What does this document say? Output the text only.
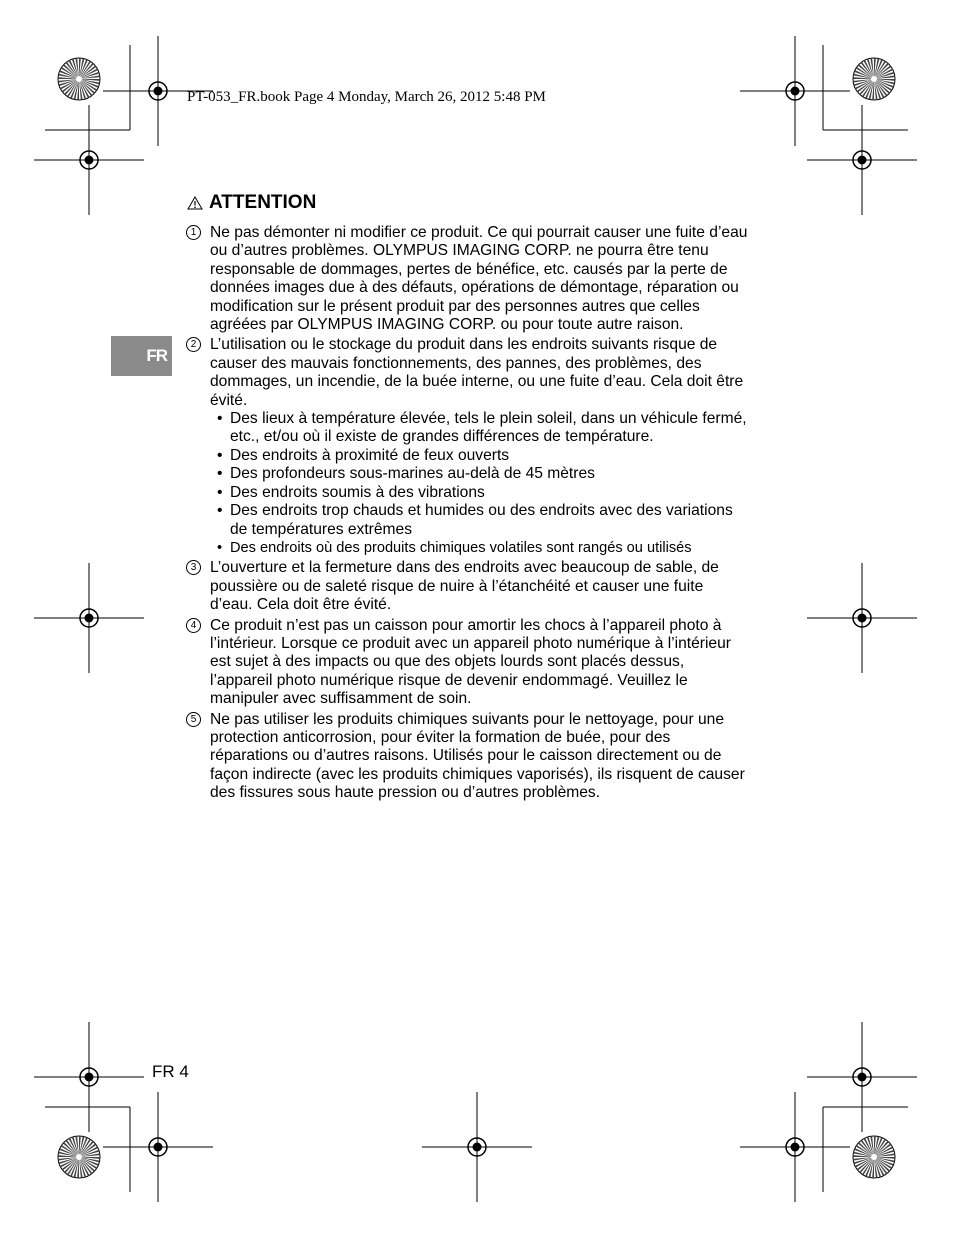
PT-053_FR.book Page 4 Monday, March 26, 2012 5:48 PM
FR
ATTENTION
1 Ne pas démonter ni modifier ce produit. Ce qui pourrait causer une fuite d’eau ou d’autres problèmes. OLYMPUS IMAGING CORP. ne pourra être tenu responsable de dommages, pertes de bénéfice, etc. causés par la perte de données images due à des défauts, opérations de démontage, réparation ou modification sur le présent produit par des personnes autres que celles agréées par OLYMPUS IMAGING CORP. ou pour toute autre raison.
2 L’utilisation ou le stockage du produit dans les endroits suivants risque de causer des mauvais fonctionnements, des pannes, des problèmes, des dommages, un incendie, de la buée interne, ou une fuite d’eau. Cela doit être évité.
• Des lieux à température élevée, tels le plein soleil, dans un véhicule fermé, etc., et/ou où il existe de grandes différences de température.
• Des endroits à proximité de feux ouverts
• Des profondeurs sous-marines au-delà de 45 mètres
• Des endroits soumis à des vibrations
• Des endroits trop chauds et humides ou des endroits avec des variations de températures extrêmes
• Des endroits où des produits chimiques volatiles sont rangés ou utilisés
3 L’ouverture et la fermeture dans des endroits avec beaucoup de sable, de poussière ou de saleté risque de nuire à l’étanchéité et causer une fuite d’eau. Cela doit être évité.
4 Ce produit n’est pas un caisson pour amortir les chocs à l’appareil photo à l’intérieur. Lorsque ce produit avec un appareil photo numérique à l’intérieur est sujet à des impacts ou que des objets lourds sont placés dessus, l’appareil photo numérique risque de devenir endommagé. Veuillez le manipuler avec suffisamment de soin.
5 Ne pas utiliser les produits chimiques suivants pour le nettoyage, pour une protection anticorrosion, pour éviter la formation de buée, pour des réparations ou d’autres raisons. Utilisés pour le caisson directement ou de façon indirecte (avec les produits chimiques vaporisés), ils risquent de causer des fissures sous haute pression ou d’autres problèmes.
FR 4
